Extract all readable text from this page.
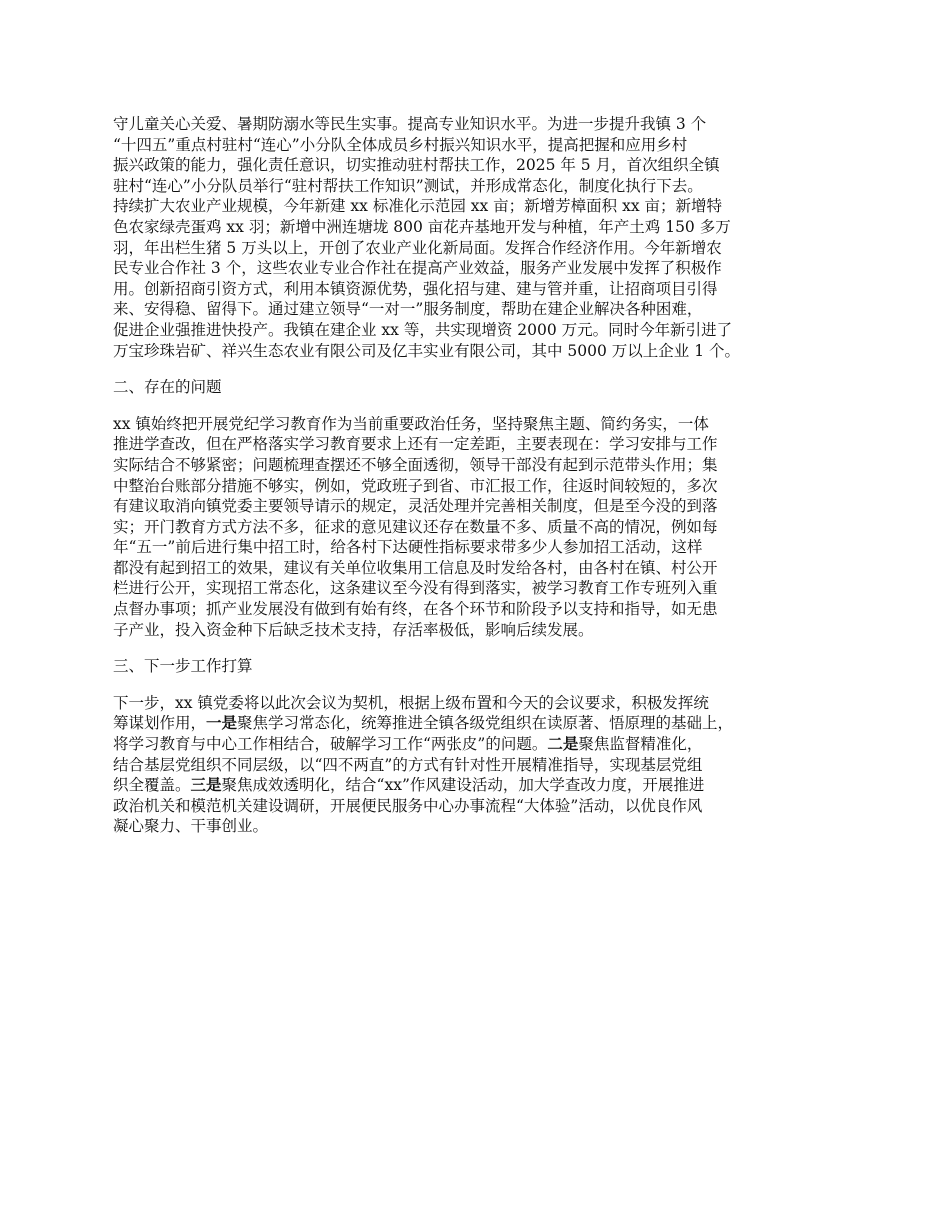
守儿童关心关爱、暑期防溺水等民生实事。提高专业知识水平。为进一步提升我镇 3 个
“十四五”重点村驻村“连心”小分队全体成员乡村振兴知识水平，提高把握和应用乡村
振兴政策的能力，强化责任意识，切实推动驻村帮扶工作，2025 年 5 月，首次组织全镇
驻村“连心”小分队员举行“驻村帮扶工作知识”测试，并形成常态化，制度化执行下去。
持续扩大农业产业规模，今年新建 xx 标准化示范园 xx 亩；新增芳樟面积 xx 亩；新增特
色农家绿壳蛋鸡 xx 羽；新增中洲连塘垅 800 亩花卉基地开发与种植，年产土鸡 150 多万
羽，年出栏生猪 5 万头以上，开创了农业产业化新局面。发挥合作经济作用。今年新增农
民专业合作社 3 个，这些农业专业合作社在提高产业效益，服务产业发展中发挥了积极作
用。创新招商引资方式，利用本镇资源优势，强化招与建、建与管并重，让招商项目引得
来、安得稳、留得下。通过建立领导“一对一”服务制度，帮助在建企业解决各种困难，
促进企业强推进快投产。我镇在建企业 xx 等，共实现增资 2000 万元。同时今年新引进了
万宝珍珠岩矿、祥兴生态农业有限公司及亿丰实业有限公司，其中 5000 万以上企业 1 个。

二、存在的问题

xx 镇始终把开展党纪学习教育作为当前重要政治任务，坚持聚焦主题、简约务实，一体
推进学查改，但在严格落实学习教育要求上还有一定差距，主要表现在：学习安排与工作
实际结合不够紧密；问题梳理查摆还不够全面透彻，领导干部没有起到示范带头作用；集
中整治台账部分措施不够实，例如，党政班子到省、市汇报工作，往返时间较短的，多次
有建议取消向镇党委主要领导请示的规定，灵活处理并完善相关制度，但是至今没的到落
实；开门教育方式方法不多，征求的意见建议还存在数量不多、质量不高的情况，例如每
年“五一”前后进行集中招工时，给各村下达硬性指标要求带多少人参加招工活动，这样
都没有起到招工的效果，建议有关单位收集用工信息及时发给各村，由各村在镇、村公开
栏进行公开，实现招工常态化，这条建议至今没有得到落实，被学习教育工作专班列入重
点督办事项；抓产业发展没有做到有始有终，在各个环节和阶段予以支持和指导，如无患
子产业，投入资金种下后缺乏技术支持，存活率极低，影响后续发展。

三、下一步工作打算

下一步，xx 镇党委将以此次会议为契机，根据上级布置和今天的会议要求，积极发挥统
筹谋划作用，一是聚焦学习常态化，统筹推进全镇各级党组织在读原著、悟原理的基础上，
将学习教育与中心工作相结合，破解学习工作“两张皮”的问题。二是聚焦监督精准化，
结合基层党组织不同层级，以“四不两直”的方式有针对性开展精准指导，实现基层党组
织全覆盖。三是聚焦成效透明化，结合“xx”作风建设活动，加大学查改力度，开展推进
政治机关和模范机关建设调研，开展便民服务中心办事流程“大体验”活动，以优良作风
凝心聚力、干事创业。
